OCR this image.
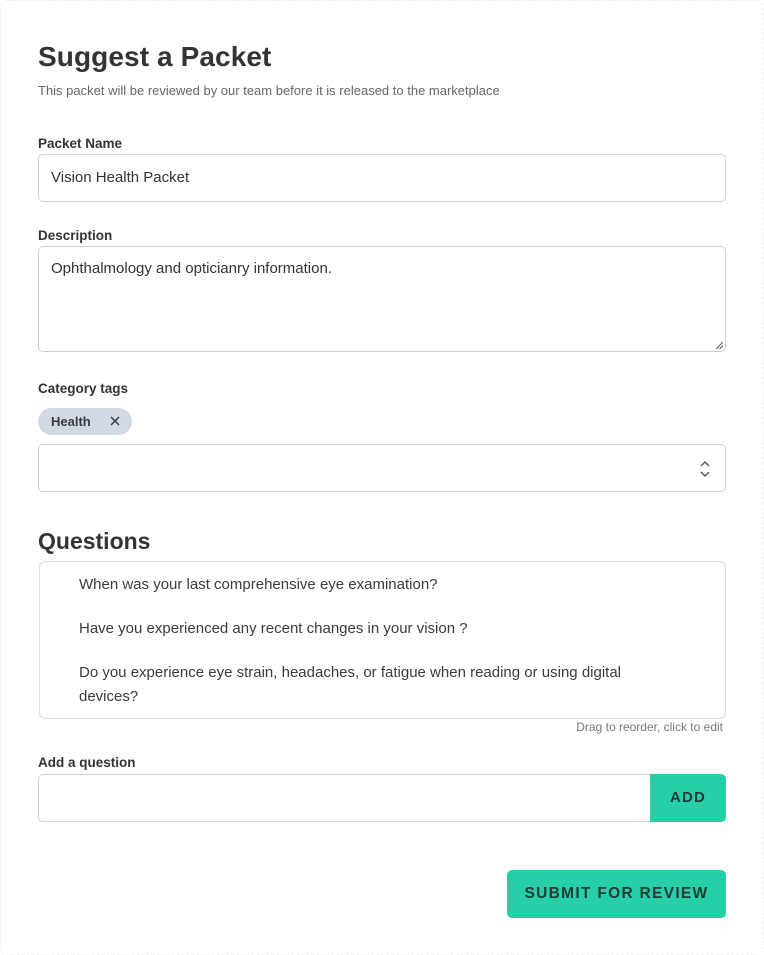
Suggest a Packet

This packet will be reviewed by our team before it is released to the marketplace

Packet Name
Vision Health Packet
Description
Ophthalmology and opticianry information.
Category tags
Health
Questions
When was your last comprehensive eye examination?
Have you experienced any recent changes in your vision ?
Do you experience eye strain, headaches, or fatigue when reading or using digital devices?
Drag to reorder, click to edit
Add a question
ADD
SUBMIT FOR REVIEW
